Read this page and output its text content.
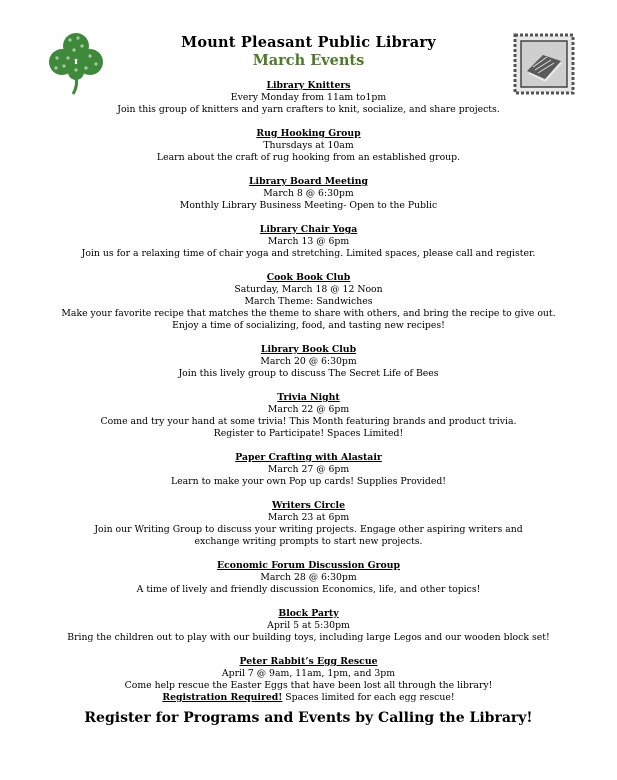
Mount Pleasant Public Library
March Events
Library Knitters
Every Monday from 11am to1pm
Join this group of knitters and yarn crafters to knit, socialize, and share projects.
Rug Hooking Group
Thursdays at 10am
Learn about the craft of rug hooking from an established group.
Library Board Meeting
March 8 @ 6:30pm
Monthly Library Business Meeting- Open to the Public
Library Chair Yoga
March 13 @ 6pm
Join us for a relaxing time of chair yoga and stretching. Limited spaces, please call and register.
Cook Book Club
Saturday, March 18 @ 12 Noon
March Theme: Sandwiches
Make your favorite recipe that matches the theme to share with others, and bring the recipe to give out.
Enjoy a time of socializing, food, and tasting new recipes!
Library Book Club
March 20 @ 6:30pm
Join this lively group to discuss The Secret Life of Bees
Trivia Night
March 22 @ 6pm
Come and try your hand at some trivia! This Month featuring brands and product trivia.
Register to Participate! Spaces Limited!
Paper Crafting with Alastair
March 27 @ 6pm
Learn to make your own Pop up cards! Supplies Provided!
Writers Circle
March 23 at 6pm
Join our Writing Group to discuss your writing projects. Engage other aspiring writers and
exchange writing prompts to start new projects.
Economic Forum Discussion Group
March 28 @ 6:30pm
A time of lively and friendly discussion Economics, life, and other topics!
Block Party
April 5 at 5:30pm
Bring the children out to play with our building toys, including large Legos and our wooden block set!
Peter Rabbit’s Egg Rescue
April 7 @ 9am, 11am, 1pm, and 3pm
Come help rescue the Easter Eggs that have been lost all through the library!
Registration Required! Spaces limited for each egg rescue!
Register for Programs and Events by Calling the Library!
